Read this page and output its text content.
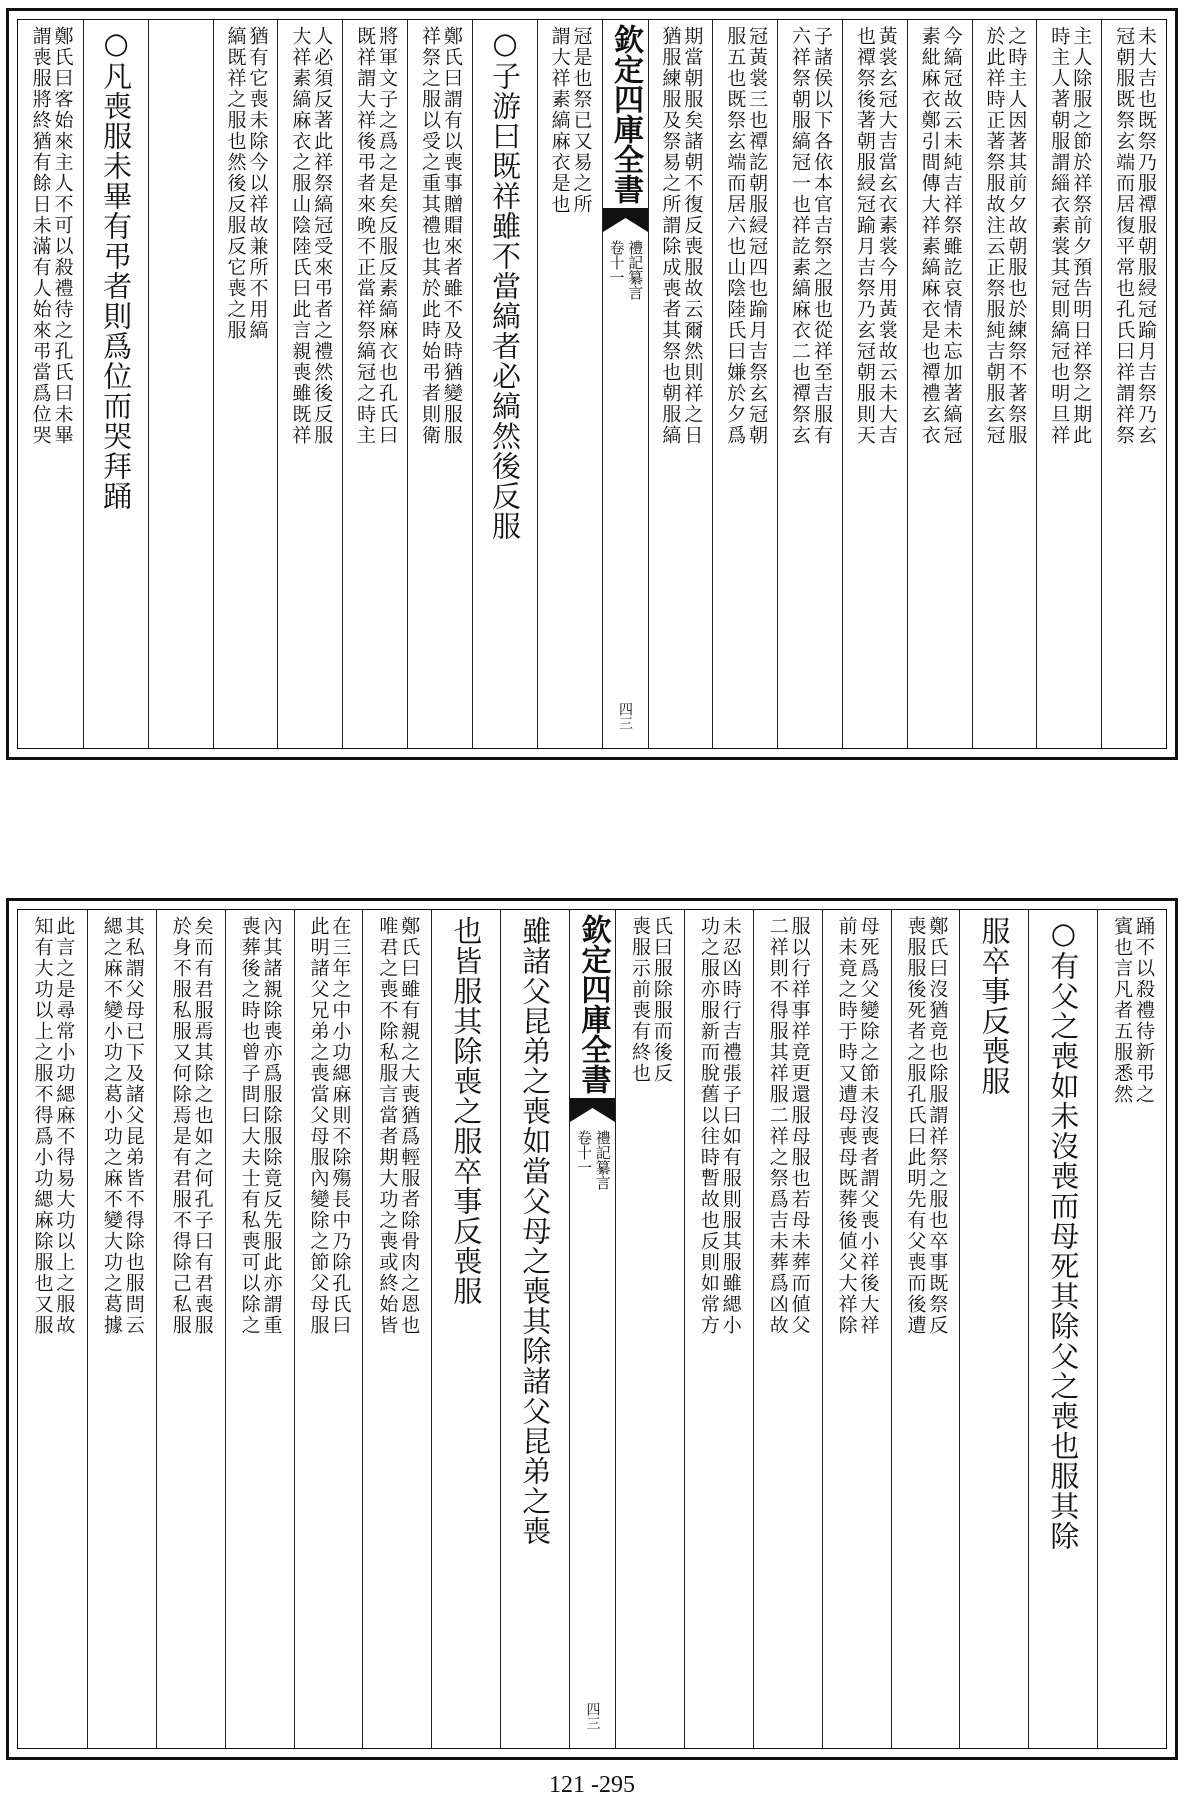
未大吉也既祭乃服禫服朝服綅冠踰月吉祭乃玄
冠朝服既祭玄端而居復平常也孔氏曰祥謂祥祭
主人除服之節於祥祭前夕預告明日祥祭之期此
時主人著朝服謂緇衣素裳其冠則縞冠也明旦祥
之時主人因著其前夕故朝服也於練祭不著祭服
於此祥時正著祭服故注云正祭服純吉朝服玄冠
今縞冠故云未純吉祥祭雖訖哀情未忘加著縞冠
素紕麻衣鄭引間傳大祥素縞麻衣是也禫禮玄衣
黃裳玄冠大吉當玄衣素裳今用黃裳故云未大吉
也禫祭後著朝服綅冠踰月吉祭乃玄冠朝服則天
子諸侯以下各依本官吉祭之服也從祥至吉服有
六祥祭朝服縞冠一也祥訖素縞麻衣二也禫祭玄
冠黃裳三也禫訖朝服綅冠四也踰月吉祭玄冠朝
服五也既祭玄端而居六也山陰陸氏曰嫌於夕爲
期當朝服矣諸朝不復反喪服故云爾然則祥之日
猶服練服及祭易之所謂除成喪者其祭也朝服縞
欽定四庫全書
禮記纂言
卷十一
四三
冠是也祭已又易之所
謂大祥素縞麻衣是也
○子游曰既祥雖不當縞者必縞然後反服
鄭氏曰謂有以喪事贈賵來者雖不及時猶變服服
祥祭之服以受之重其禮也其於此時始弔者則衛
將軍文子之爲之是矣反服反素縞麻衣也孔氏曰
既祥謂大祥後弔者來晚不正當祥祭縞冠之時主
人必須反著此祥祭縞冠受來弔者之禮然後反服
大祥素縞麻衣之服山陰陸氏曰此言親喪雖既祥
猶有它喪未除今以祥故兼所不用縞
縞既祥之服也然後反服反它喪之服
○凡喪服未畢有弔者則爲位而哭拜踊
鄭氏曰客始來主人不可以殺禮待之孔氏曰未畢
謂喪服將終猶有餘日未滿有人始來弔當爲位哭
踊不以殺禮待新弔之
賓也言凡者五服悉然
○有父之喪如未沒喪而母死其除父之喪也服其除
服卒事反喪服
鄭氏曰沒猶竟也除服謂祥祭之服也卒事既祭反
喪服服後死者之服孔氏曰此明先有父喪而後遭
母死爲父變除之節未沒喪者謂父喪小祥後大祥
前未竟之時于時又遭母喪母既葬後値父大祥除
服以行祥事祥竟更還服母服也若母未葬而値父
二祥則不得服其祥服二祥之祭爲吉未葬爲凶故
未忍凶時行吉禮張子曰如有服則服其服雖緦小
功之服亦服新而脫舊以往時暫故也反則如常方
氏曰服除服而後反
喪服示前喪有終也
欽定四庫全書
禮記纂言
卷十一
四三
雖諸父昆弟之喪如當父母之喪其除諸父昆弟之喪
也皆服其除喪之服卒事反喪服
鄭氏曰雖有親之大喪猶爲輕服者除骨肉之恩也
唯君之喪不除私服言當者期大功之喪或終始皆
在三年之中小功緦麻則不除殤長中乃除孔氏曰
此明諸父兄弟之喪當父母服內變除之節父母服
內其諸親除喪亦爲服除服除竟反先服此亦謂重
喪葬後之時也曾子問曰大夫士有私喪可以除之
矣而有君服焉其除之也如之何孔子曰有君喪服
於身不服私服又何除焉是有君服不得除己私服
其私謂父母已下及諸父昆弟皆不得除也服問云
緦之麻不變小功之葛小功之麻不變大功之葛據
此言之是尋常小功緦麻不得易大功以上之服故
知有大功以上之服不得爲小功緦麻除服也又服
121 -295
